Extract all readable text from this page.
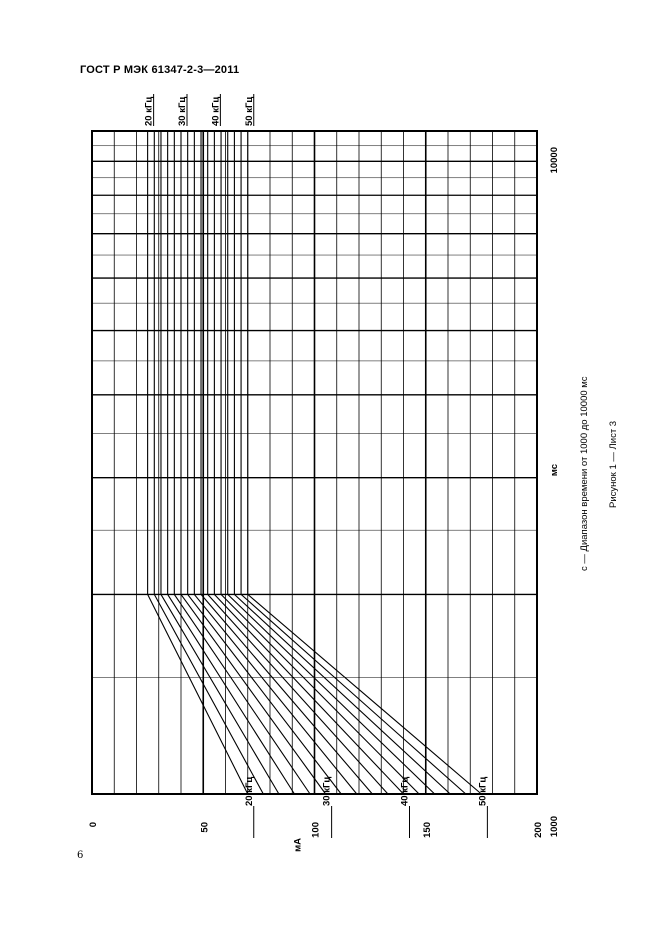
ГОСТ Р МЭК 61347-2-3—2011
0	50	100	150	200
мА
50 кГц
40 кГц
30 кГц
20 кГц
1000
10000
мс
50 кГц
40 кГц
30 кГц
20 кГц
с — Диапазон времени от 1000 до 10000 мс Рисунок 1 — Лист 3
6
